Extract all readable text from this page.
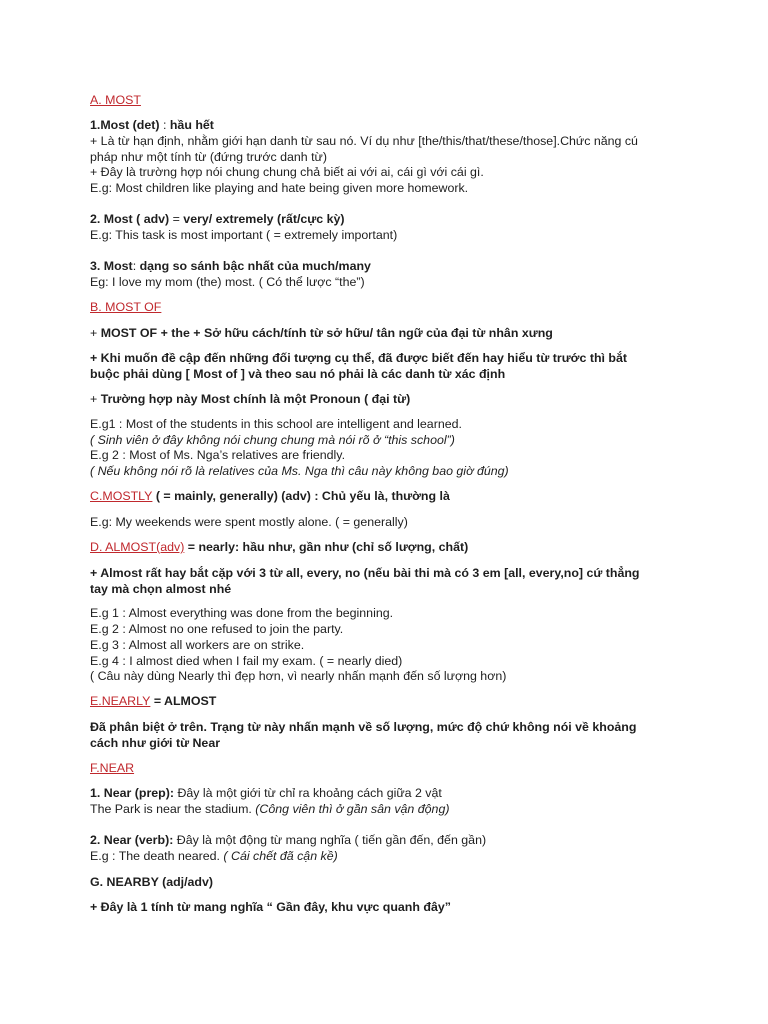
A. MOST
1.Most (det) : hầu hết
+ Là từ hạn định, nhằm giới hạn danh từ sau nó. Ví dụ như [the/this/that/these/those].Chức năng cú
pháp như một tính từ (đứng trước danh từ)
+ Đây là trường hợp nói chung chung chả biết ai với ai, cái gì với cái gì.
E.g: Most children like playing and hate being given more homework.
2. Most ( adv) = very/ extremely (rất/cực kỳ)
E.g: This task is most important ( = extremely important)
3. Most: dạng so sánh bậc nhất của much/many
Eg: I love my mom (the) most. ( Có thể lược “the”)
B. MOST OF
+ MOST OF + the + Sở hữu cách/tính từ sở hữu/ tân ngữ của đại từ nhân xưng
+ Khi muốn đề cập đến những đối tượng cụ thể, đã được biết đến hay hiểu từ trước thì bắt
buộc phải dùng [ Most of ] và theo sau nó phải là các danh từ xác định
+ Trường hợp này Most chính là một Pronoun ( đại từ)
E.g1 : Most of the students in this school are intelligent and learned.
( Sinh viên ở đây không nói chung chung mà nói rõ ở “this school”)
E.g 2 : Most of Ms. Nga’s relatives are friendly.
( Nếu không nói rõ là relatives của Ms. Nga thì câu này không bao giờ đúng)
C.MOSTLY ( = mainly, generally) (adv) : Chủ yếu là, thường là
E.g: My weekends were spent mostly alone. ( = generally)
D. ALMOST(adv) = nearly: hầu như, gần như (chỉ số lượng, chất)
+ Almost rất hay bắt cặp với 3 từ all, every, no (nếu bài thi mà có 3 em [all, every,no] cứ thẳng
tay mà chọn almost nhé
E.g 1 : Almost everything was done from the beginning.
E.g 2 : Almost no one refused to join the party.
E.g 3 : Almost all workers are on strike.
E.g 4 : I almost died when I fail my exam. ( = nearly died)
( Câu này dùng Nearly thì đẹp hơn, vì nearly nhấn mạnh đến số lượng hơn)
E.NEARLY = ALMOST
Đã phân biệt ở trên. Trạng từ này nhấn mạnh về số lượng, mức độ chứ không nói về khoảng
cách như giới từ Near
F.NEAR
1. Near (prep): Đây là một giới từ chỉ ra khoảng cách giữa 2 vật
The Park is near the stadium. (Công viên thì ở gần sân vận động)
2. Near (verb): Đây là một động từ mang nghĩa ( tiến gần đến, đến gần)
E.g : The death neared. ( Cái chết đã cận kề)
G. NEARBY (adj/adv)
+ Đây là 1 tính từ mang nghĩa “ Gần đây, khu vực quanh đây”
